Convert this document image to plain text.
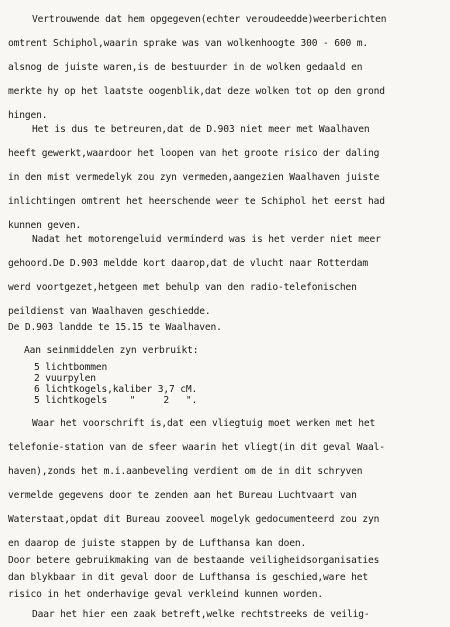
Vertrouwende dat hem opgegeven(echter veroudeedde)weerberichten
omtrent Schiphol,waarin sprake was van wolkenhoogte 300 - 600 m.
alsnog de juiste waren,is de bestuurder in de wolken gedaald en
merkte hy op het laatste oogenblik,dat deze wolken tot op den grond
hingen.
Het is dus te betreuren,dat de D.903 niet meer met Waalhaven
heeft gewerkt,waardoor het loopen van het groote risico der daling
in den mist vermedelyk zou zyn vermeden,aangezien Waalhaven juiste
inlichtingen omtrent het heerschende weer te Schiphol het eerst had
kunnen geven.
Nadat het motorengeluid verminderd was is het verder niet meer
gehoord.De D.903 meldde kort daarop,dat de vlucht naar Rotterdam
werd voortgezet,hetgeen met behulp van den radio-telefonischen
peildienst van Waalhaven geschiedde.
De D.903 landde te 15.15 te Waalhaven.
Aan seinmiddelen zyn verbruikt:
5 lichtbommen
2 vuurpylen
6 lichtkogels,kaliber 3,7 cM.
5 lichtkogels    "     2   ".
Waar het voorschrift is,dat een vliegtuig moet werken met het
telefonie-station van de sfeer waarin het vliegt(in dit geval Waal-
haven),zonds het m.i.aanbeveling verdient om de in dit schryven
vermelde gegevens door te zenden aan het Bureau Luchtvaart van
Waterstaat,opdat dit Bureau zooveel mogelyk gedocumenteerd zou zyn
en daarop de juiste stappen by de Lufthansa kan doen.
Door betere gebruikmaking van de bestaande veiligheidsorganisaties
dan blykbaar in dit geval door de Lufthansa is geschied,ware het
risico in het onderhavige geval verkleind kunnen worden.
Daar het hier een zaak betreft,welke rechtstreeks de veilig-
